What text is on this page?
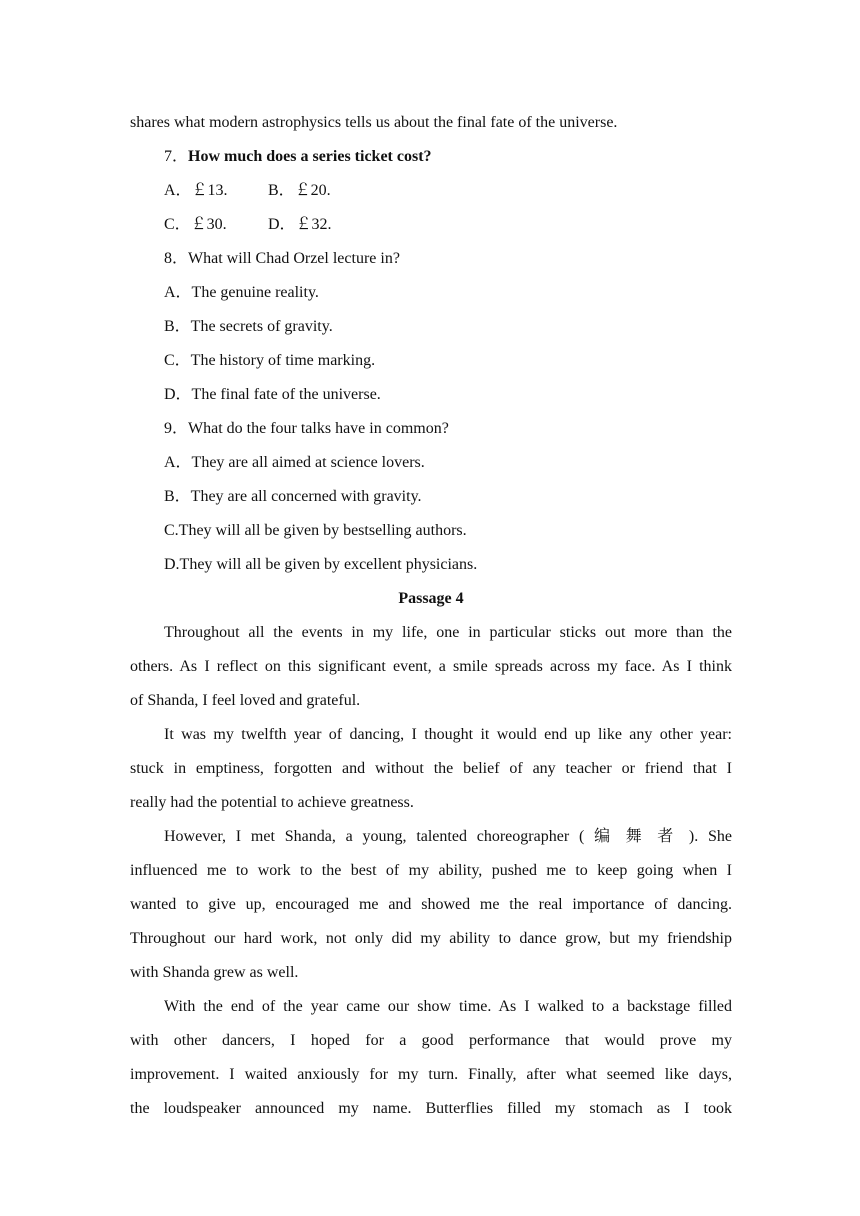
shares what modern astrophysics tells us about the final fate of the universe.
7．How much does a series ticket cost?
A．￡13.	B．￡20.
C．￡30.	D．￡32.
8．What will Chad Orzel lecture in?
A．The genuine reality.
B．The secrets of gravity.
C．The history of time marking.
D．The final fate of the universe.
9．What do the four talks have in common?
A．They are all aimed at science lovers.
B．They are all concerned with gravity.
C.They will all be given by bestselling authors.
D.They will all be given by excellent physicians.
Passage 4
Throughout all the events in my life, one in particular sticks out more than the
others. As I reflect on this significant event, a smile spreads across my face. As I think
of Shanda, I feel loved and grateful.
It was my twelfth year of dancing, I thought it would end up like any other year:
stuck in emptiness, forgotten and without the belief of any teacher or friend that I
really had the potential to achieve greatness.
However, I met Shanda, a young, talented choreographer ( 编 舞 者 ). She
influenced me to work to the best of my ability, pushed me to keep going when I
wanted to give up, encouraged me and showed me the real importance of dancing.
Throughout our hard work, not only did my ability to dance grow, but my friendship
with Shanda grew as well.
With the end of the year came our show time. As I walked to a backstage filled
with other dancers, I hoped for a good performance that would prove my
improvement. I waited anxiously for my turn. Finally, after what seemed like days,
the loudspeaker announced my name. Butterflies filled my stomach as I took
